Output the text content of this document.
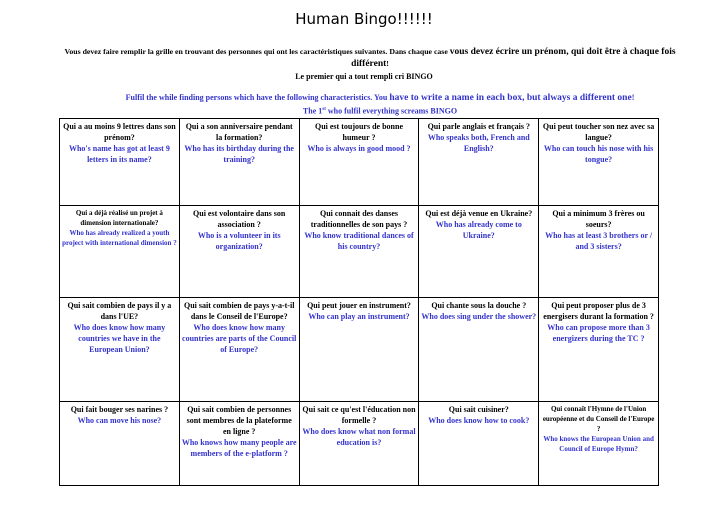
Human Bingo!!!!!!
Vous devez faire remplir la grille en trouvant des personnes qui ont les caractéristiques suivantes. Dans chaque case vous devez écrire un prénom, qui doit être à chaque fois différent!
Le premier qui a tout rempli cri BINGO
Fulfil the while finding persons which have the following characteristics. You have to write a name in each box, but always a different one!
The 1st who fulfil everything screams BINGO
Qui a au moins 9 lettres dans son prénom?
Who's name has got at least 9 letters in its name?	Qui a son anniversaire pendant la formation?
Who has its birthday during the training?	Qui est toujours de bonne humeur ?
Who is always in good mood ?	Qui parle anglais et français ?
Who speaks both, French and English?	Qui peut toucher son nez avec sa langue?
Who can touch his nose with his tongue?

Qui a déjà réalisé un projet à dimension internationale?
Who has already realized a youth project with international dimension ?	Qui est volontaire dans son association ?
Who is a volunteer in its organization?	Qui connait des danses traditionnelles de son pays ?
Who know traditional dances of his country?	Qui est déjà venue en Ukraine?
Who has already come to Ukraine?	Qui a minimum 3 frères ou soeurs?
Who has at least 3 brothers or / and 3 sisters?

Qui sait combien de pays il y a dans l'UE?
Who does know how many countries we have in the European Union?	Qui sait combien de pays y-a-t-il dans le Conseil de l'Europe?
Who does know how many countries are parts of the Council of Europe?	Qui peut jouer en instrument?
Who can play an instrument?	Qui chante sous la douche ?
Who does sing under the shower?	Qui peut proposer plus de 3 energisers durant la formation ?
Who can propose more than 3 energizers during the TC ?

Qui fait bouger ses narines ?
Who can move his nose?	Qui sait combien de personnes sont membres de la plateforme en ligne ?
Who knows how many people are members of the e-platform ?	Qui sait ce qu'est l'éducation non formelle ?
Who does know what non formal education is?	Qui sait cuisiner?
Who does know how to cook?	Qui connaît l'Hymne de l'Union européenne et du Conseil de l'Europe ?
Who knows the European Union and Council of Europe Hymn?
